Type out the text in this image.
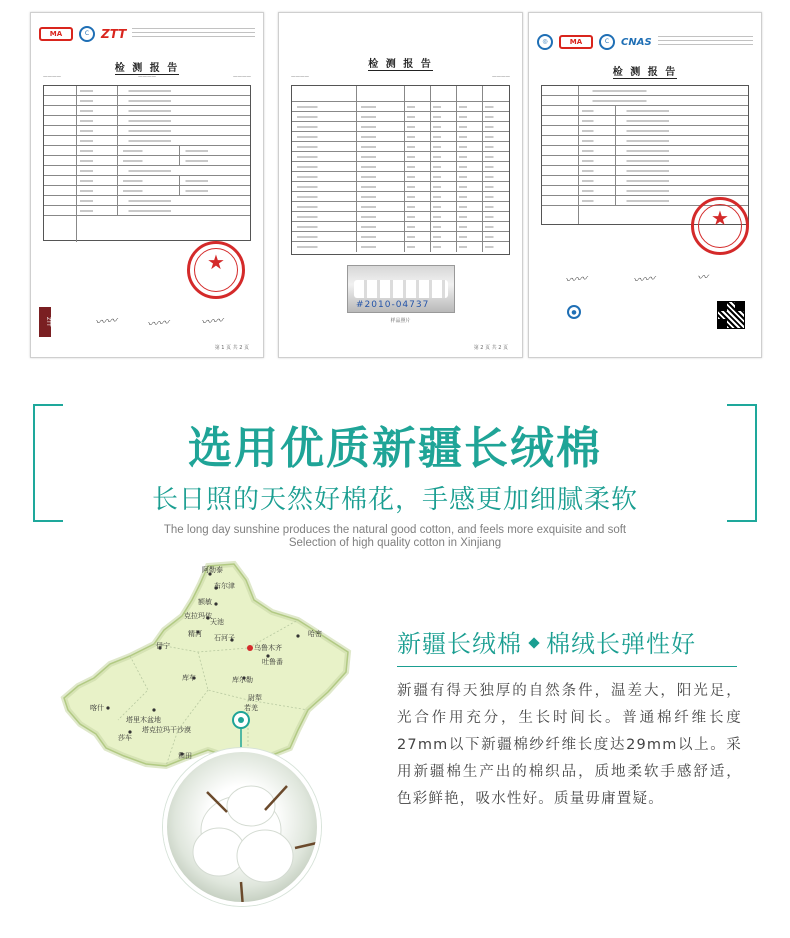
MA	C ZTT
检 测 报 告
————	————	————
★
〰〰	〰〰	〰〰
ZTT
第 1 页 共 2 页
检 测 报 告
————	————
#2010-04737
样品照片
第 2 页 共 2 页
◎	MA	C	CNAS
检 测 报 告
★
〰〰	〰〰	〰
●
选用优质新疆长绒棉
长日照的天然好棉花，手感更加细腻柔软
The long day sunshine produces the natural good cotton, and feels more exquisite and soft
Selection of high quality cotton in Xinjiang
阿勒泰
布尔津
额敏
克拉玛依
天池
精河 石河子
乌鲁木齐
哈密
吐鲁番
伊宁
库车	库尔勒
尉犁
喀什
塔里木盆地
塔克拉玛干沙漠
莎车
和田
若羌
新疆长绒棉 棉绒长弹性好
新疆有得天独厚的自然条件，温差大，阳光足，光合作用充分，生长时间长。普通棉纤维长度27mm以下新疆棉纱纤维长度达29mm以上。采用新疆棉生产出的棉织品，质地柔软手感舒适，色彩鲜艳，吸水性好。质量毋庸置疑。
